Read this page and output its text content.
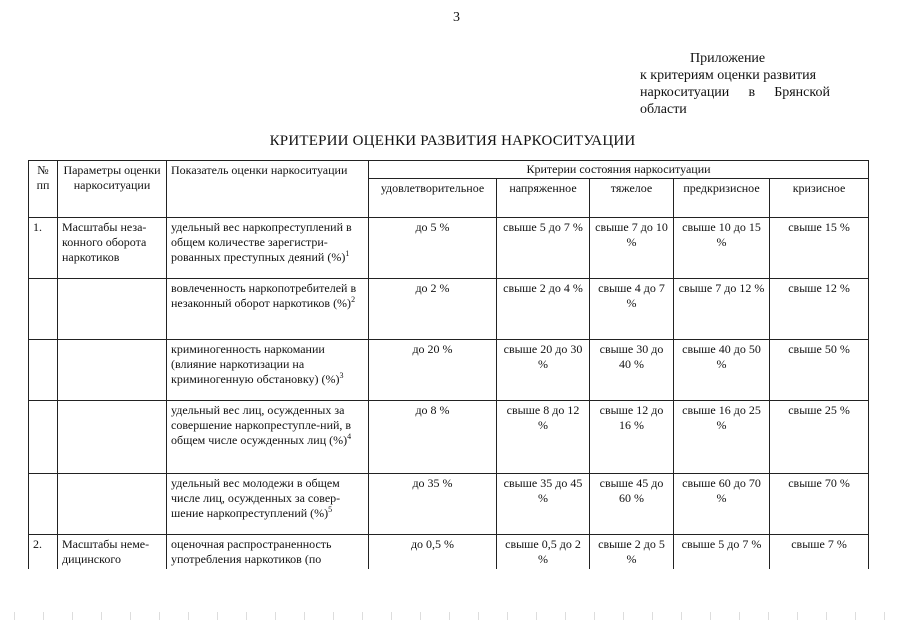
3
Приложение
к критериям оценки развития
наркоситуации в Брянской
области
КРИТЕРИИ ОЦЕНКИ РАЗВИТИЯ НАРКОСИТУАЦИИ
№ пп	Параметры оценки наркоситуации	Показатель оценки наркоситуации	Критерии состояния наркоситуации				
			удовлетворительное	напряженное	тяжелое	предкризисное	кризисное
1.	Масштабы неза-конного оборота наркотиков	удельный вес наркопреступлений в общем количестве зарегистри-рованных преступных деяний (%)$^1$	до 5 %	свыше 5 до 7 %	свыше 7 до 10 %	свыше 10 до 15 %	свыше 15 %
		вовлеченность наркопотребителей в незаконный оборот наркотиков (%)$^2$	до 2 %	свыше 2 до 4 %	свыше 4 до 7 %	свыше 7 до 12 %	свыше 12 %
		криминогенность наркомании (влияние наркотизации на криминогенную обстановку) (%)$^3$	до 20 %	свыше 20 до 30 %	свыше 30 до 40 %	свыше 40 до 50 %	свыше 50 %
		удельный вес лиц, осужденных за совершение наркопреступле-ний, в общем числе осужденных лиц (%)$^4$	до 8 %	свыше 8 до 12 %	свыше 12 до 16 %	свыше 16 до 25 %	свыше 25 %
		удельный вес молодежи в общем числе лиц, осужденных за совер-шение наркопреступлений (%)$^5$	до 35 %	свыше 35 до 45 %	свыше 45 до 60 %	свыше 60 до 70 %	свыше 70 %
2.	Масштабы неме-дицинского	оценочная распространенность употребления наркотиков (по	до 0,5 %	свыше 0,5 до 2 %	свыше 2 до 5 %	свыше 5 до 7 %	свыше 7 %
